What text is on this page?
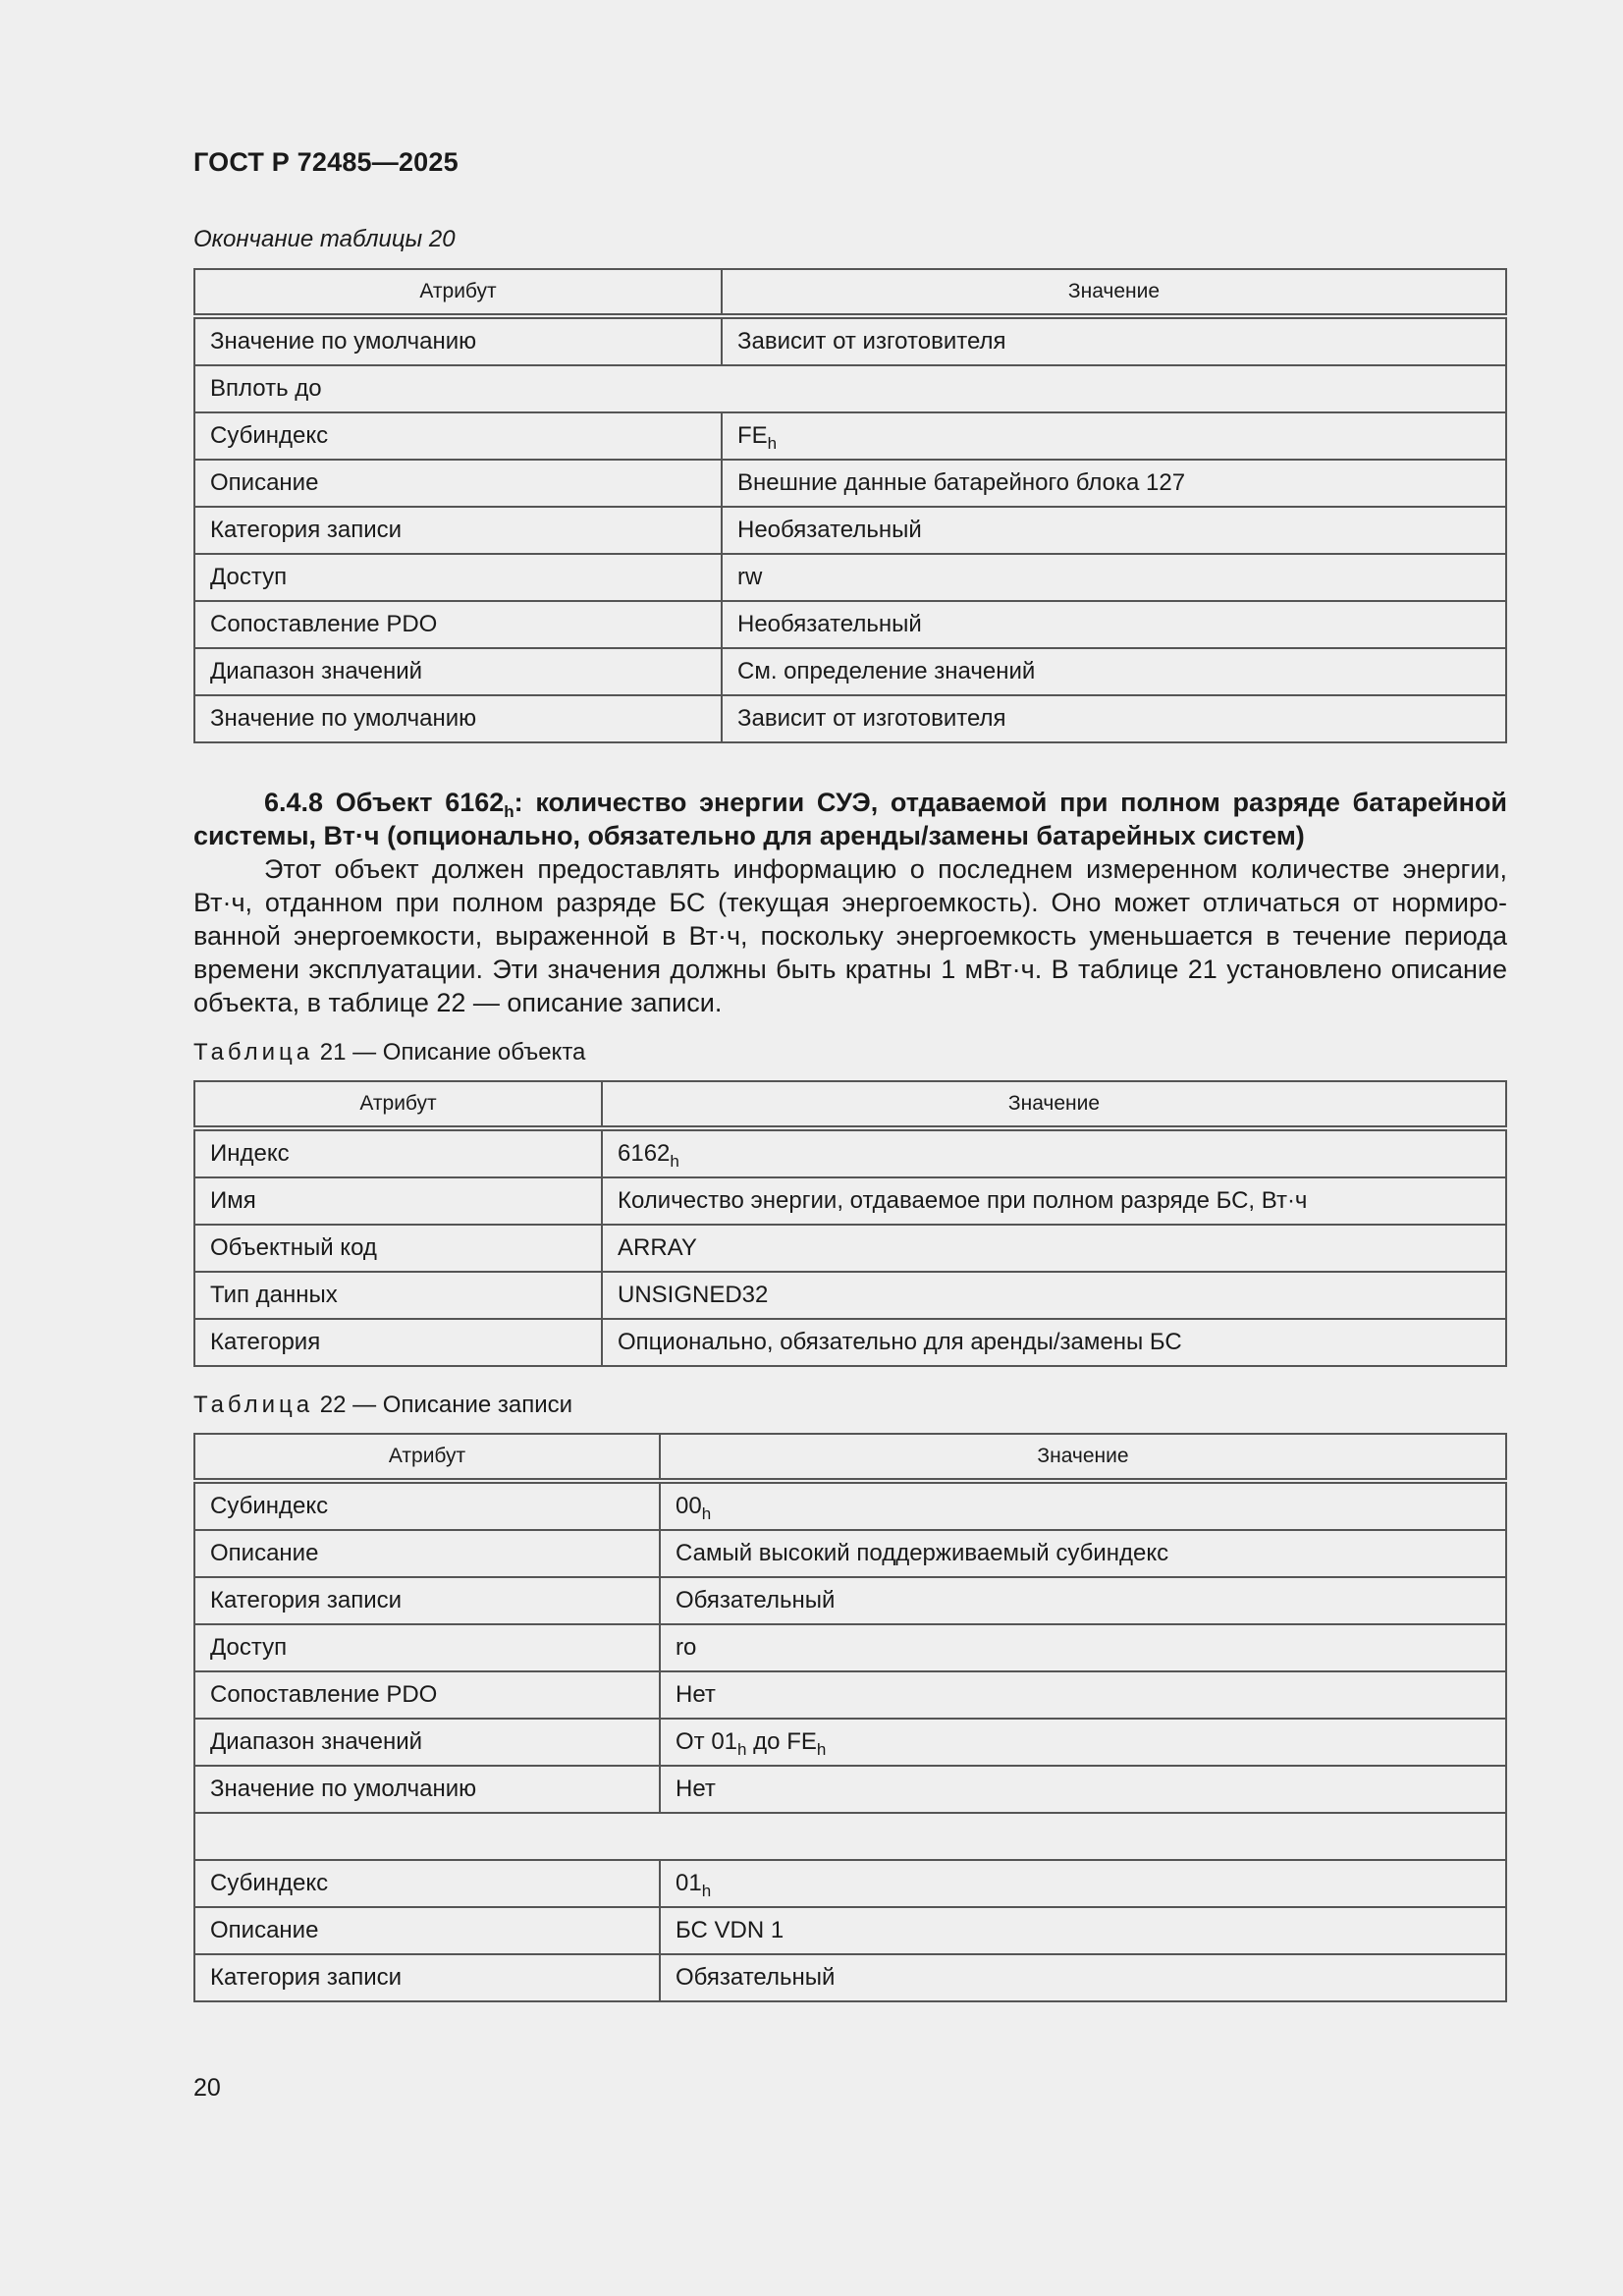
ГОСТ Р 72485—2025
Окончание таблицы 20
Атрибут	Значение
Значение по умолчанию	Зависит от изготовителя
Вплоть до	
Субиндекс	$FE_h$
Описание	Внешние данные батарейного блока 127
Категория записи	Необязательный
Доступ	rw
Сопоставление PDO	Необязательный
Диапазон значений	См. определение значений
Значение по умолчанию	Зависит от изготовителя
6.4.8 Объект $6162_h$: количество энергии СУЭ, отдаваемой при полном разряде батарейной системы, Вт·ч (опционально, обязательно для аренды/замены батарейных систем)
Этот объект должен предоставлять информацию о последнем измеренном количестве энергии, Вт·ч, отданном при полном разряде БС (текущая энергоемкость). Оно может отличаться от нормированной энергоемкости, выраженной в Вт·ч, поскольку энергоемкость уменьшается в течение периода времени эксплуатации. Эти значения должны быть кратны 1 мВт·ч. В таблице 21 установлено описание объекта, в таблице 22 — описание записи.
Таблица 21 — Описание объекта
Атрибут	Значение
Индекс	$6162_h$
Имя	Количество энергии, отдаваемое при полном разряде БС, Вт·ч
Объектный код	ARRAY
Тип данных	UNSIGNED32
Категория	Опционально, обязательно для аренды/замены БС
Таблица 22 — Описание записи
Атрибут	Значение
Субиндекс	$00_h$
Описание	Самый высокий поддерживаемый субиндекс
Категория записи	Обязательный
Доступ	ro
Сопоставление PDO	Нет
Диапазон значений	От $01_h$ до $FE_h$
Значение по умолчанию	Нет

Субиндекс	$01_h$
Описание	БС VDN 1
Категория записи	Обязательный
20
